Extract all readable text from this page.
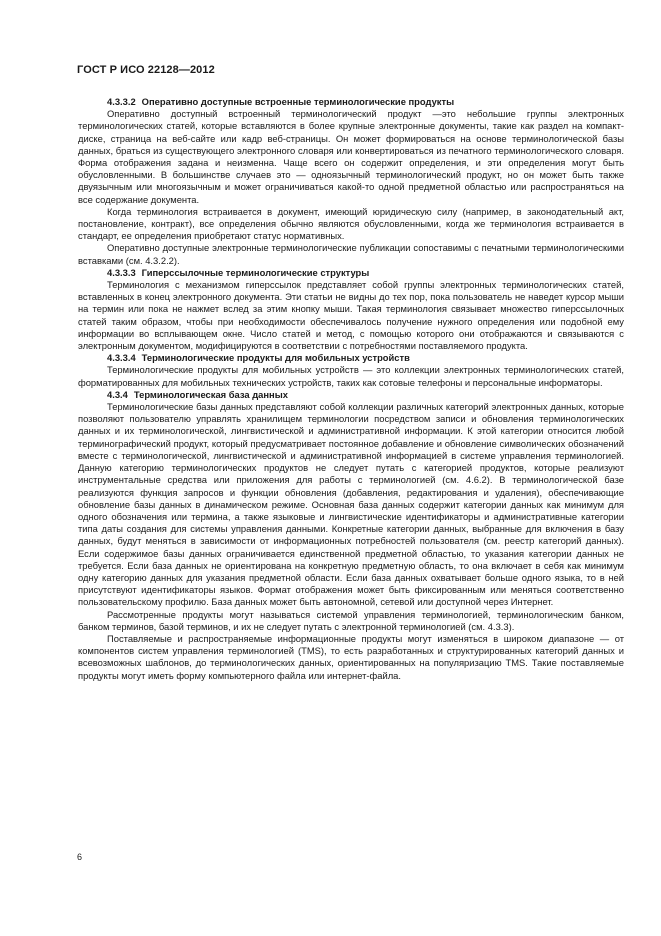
ГОСТ Р ИСО 22128—2012

4.3.3.2 Оперативно доступные встроенные терминологические продукты

Оперативно доступный встроенный терминологический продукт —это небольшие группы электронных терминологических статей, которые вставляются в более крупные электронные документы, такие как раздел на компакт-диске, страница на веб-сайте или кадр веб-страницы. Он может формироваться на основе терминологической базы данных, браться из существующего электронного словаря или конвертироваться из печатного терминологического словаря. Форма отображения задана и неизменна. Чаще всего он содержит определения, и эти определения могут быть обусловленными. В большинстве случаев это — одноязычный терминологический продукт, но он может быть также двуязычным или многоязычным и может ограничиваться какой-то одной предметной областью или распространяться на все содержание документа.

Когда терминология встраивается в документ, имеющий юридическую силу (например, в законодательный акт, постановление, контракт), все определения обычно являются обусловленными, когда же терминология встраивается в стандарт, ее определения приобретают статус нормативных.

Оперативно доступные электронные терминологические публикации сопоставимы с печатными терминологическими вставками (см. 4.3.2.2).

4.3.3.3 Гиперссылочные терминологические структуры

Терминология с механизмом гиперссылок представляет собой группы электронных терминологических статей, вставленных в конец электронного документа. Эти статьи не видны до тех пор, пока пользователь не наведет курсор мыши на термин или пока не нажмет вслед за этим кнопку мыши. Такая терминология связывает множество гиперссылочных статей таким образом, чтобы при необходимости обеспечивалось получение нужного определения или подобной ему информации во всплывающем окне. Число статей и метод, с помощью которого они отображаются и связываются с электронным документом, модифицируются в соответствии с потребностями поставляемого продукта.

4.3.3.4 Терминологические продукты для мобильных устройств

Терминологические продукты для мобильных устройств — это коллекции электронных терминологических статей, форматированных для мобильных технических устройств, таких как сотовые телефоны и персональные информаторы.

4.3.4 Терминологическая база данных

Терминологические базы данных представляют собой коллекции различных категорий электронных данных, которые позволяют пользователю управлять хранилищем терминологии посредством записи и обновления терминологических данных и их терминологической, лингвистической и административной информации. К этой категории относится любой терминографический продукт, который предусматривает постоянное добавление и обновление символических обозначений вместе с терминологической, лингвистической и административной информацией в системе управления терминологией. Данную категорию терминологических продуктов не следует путать с категорией продуктов, которые реализуют инструментальные средства или приложения для работы с терминологией (см. 4.6.2). В терминологической базе реализуются функция запросов и функции обновления (добавления, редактирования и удаления), обеспечивающие обновление базы данных в динамическом режиме. Основная база данных содержит категории данных как минимум для одного обозначения или термина, а также языковые и лингвистические идентификаторы и административные категории типа даты создания для системы управления данными. Конкретные категории данных, выбранные для включения в базу данных, будут меняться в зависимости от информационных потребностей пользователя (см. реестр категорий данных). Если содержимое базы данных ограничивается единственной предметной областью, то указания категории данных не требуется. Если база данных не ориентирована на конкретную предметную область, то она включает в себя как минимум одну категорию данных для указания предметной области. Если база данных охватывает больше одного языка, то в ней присутствуют идентификаторы языков. Формат отображения может быть фиксированным или меняться соответственно пользовательскому профилю. База данных может быть автономной, сетевой или доступной через Интернет.

Рассмотренные продукты могут называться системой управления терминологией, терминологическим банком, банком терминов, базой терминов, и их не следует путать с электронной терминологией (см. 4.3.3).

Поставляемые и распространяемые информационные продукты могут изменяться в широком диапазоне — от компонентов систем управления терминологией (TMS), то есть разработанных и структурированных категорий данных и всевозможных шаблонов, до терминологических данных, ориентированных на популяризацию TMS. Такие поставляемые продукты могут иметь форму компьютерного файла или интернет-файла.

6
